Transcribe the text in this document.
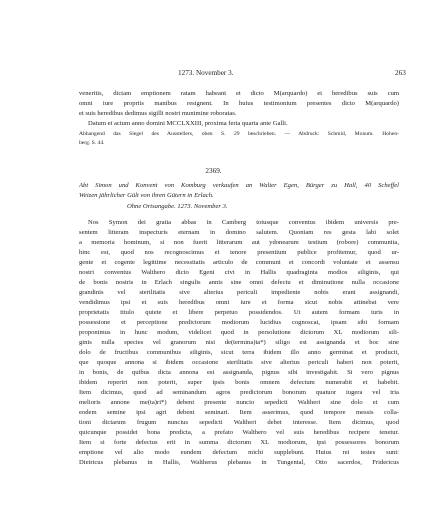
1273. November 3.	263
veneritis, dictam emptionem ratam habeant et dicto M(arquardo) et heredibus suis cum
omni iure propriis manibus resignent. In huius testimonium presentes dicto M(arquardo)
et suis heredibus dedimus sigilli nostri munimine roboratas.
Datum et actum anno domini MCCLXXIII, proxima feria quarta ante Galli.
Abhangend das Siegel des Ausstellers, oben S. 29 beschrieben. — Abdruck: Schmid, Monum. Hohen-
berg. S. 44.
2369.
Abt Simon und Konvent von Komburg verkaufen an Walter Egen, Bürger zu Hall, 40 Scheffel
Weizen jährlicher Gült von ihren Gütern in Erlach.
Ohne Ortsangabe. 1273. November 3.
Nos Symon dei gratia abbas in Camberg totusque conventus ibidem universis pre-
sentem litteram inspecturis eternam in domino salutem. Quoniam res gesta labi solet
a memoria hominum, si non fuerit litterarum aut ydonearum testium (robore) communita,
hinc est, quod nos recognoscimus et tenore presentium publice profitemur, quod ur-
gente et cogente legittime necessitatis articulo de communi et concordi voluntate et assensu
nostri conventus Walthero dicto Egeni civi in Hallis quadraginta modios siliginis, qui
de bonis nostris in Erlach singulis annis sine omni defectu et diminutione nulla occasione
grandinis vel sterilitatis sive alterius periculi impediente nobis erant assignandi,
vendidimus ipsi et suis heredibus omni iure et forma sicut nobis attinebat vere
proprietatis titulo quiete et libere perpetuo possidendos. Ut autem formam iuris in
possessione et perceptione predictorum modiorum lucidius cognoscat, ipsam sibi formam
proponimus in hunc modum, videlicet quod in persolutione dictorum XL modiorum sili-
ginis nulla species vel granorum nisi de(termina)ta*) siligo est assignanda et hoc sine
dolo de fructibus communibus siliginis, sicut terra ibidem illo anno germinat et producit,
que quoque annona si ibidem occasione sterilitatis sive alterius periculi haberi non poterit,
in bonis, de quibus dicta annona est assignanda, pignus sibi investigabit. Si vero pignus
ibidem reperiri non poterit, super ipsis bonis omnem defectum numerabit et habebit.
Item dicimus, quod ad seminandum agros predictorum bonorum quatuor iugera vel tria
melioris annone me(ta)ri*) debent presente nuncio sepedicti Waltheri sine dolo et cum
eodem semine ipsi agri debent seminari. Item asserimus, quod tempore messis colla-
tioni dictarum frugum nuncius sepedicti Waltheri debet interesse. Item dicimus, quod
quicunque possidet bona predicta, a prefato Walthero vel suis heredibus recipere tenetur.
Item si forte defectus erit in summa dictorum XL modiorum, ipsi possessores bonorum
emptione vel alio modo eundem defectum michi supplebunt. Huius rei testes sunt:
Dietricus plebanus in Hallis, Waltherus plebanus in Tungental, Otto sacerdos, Fridericus
